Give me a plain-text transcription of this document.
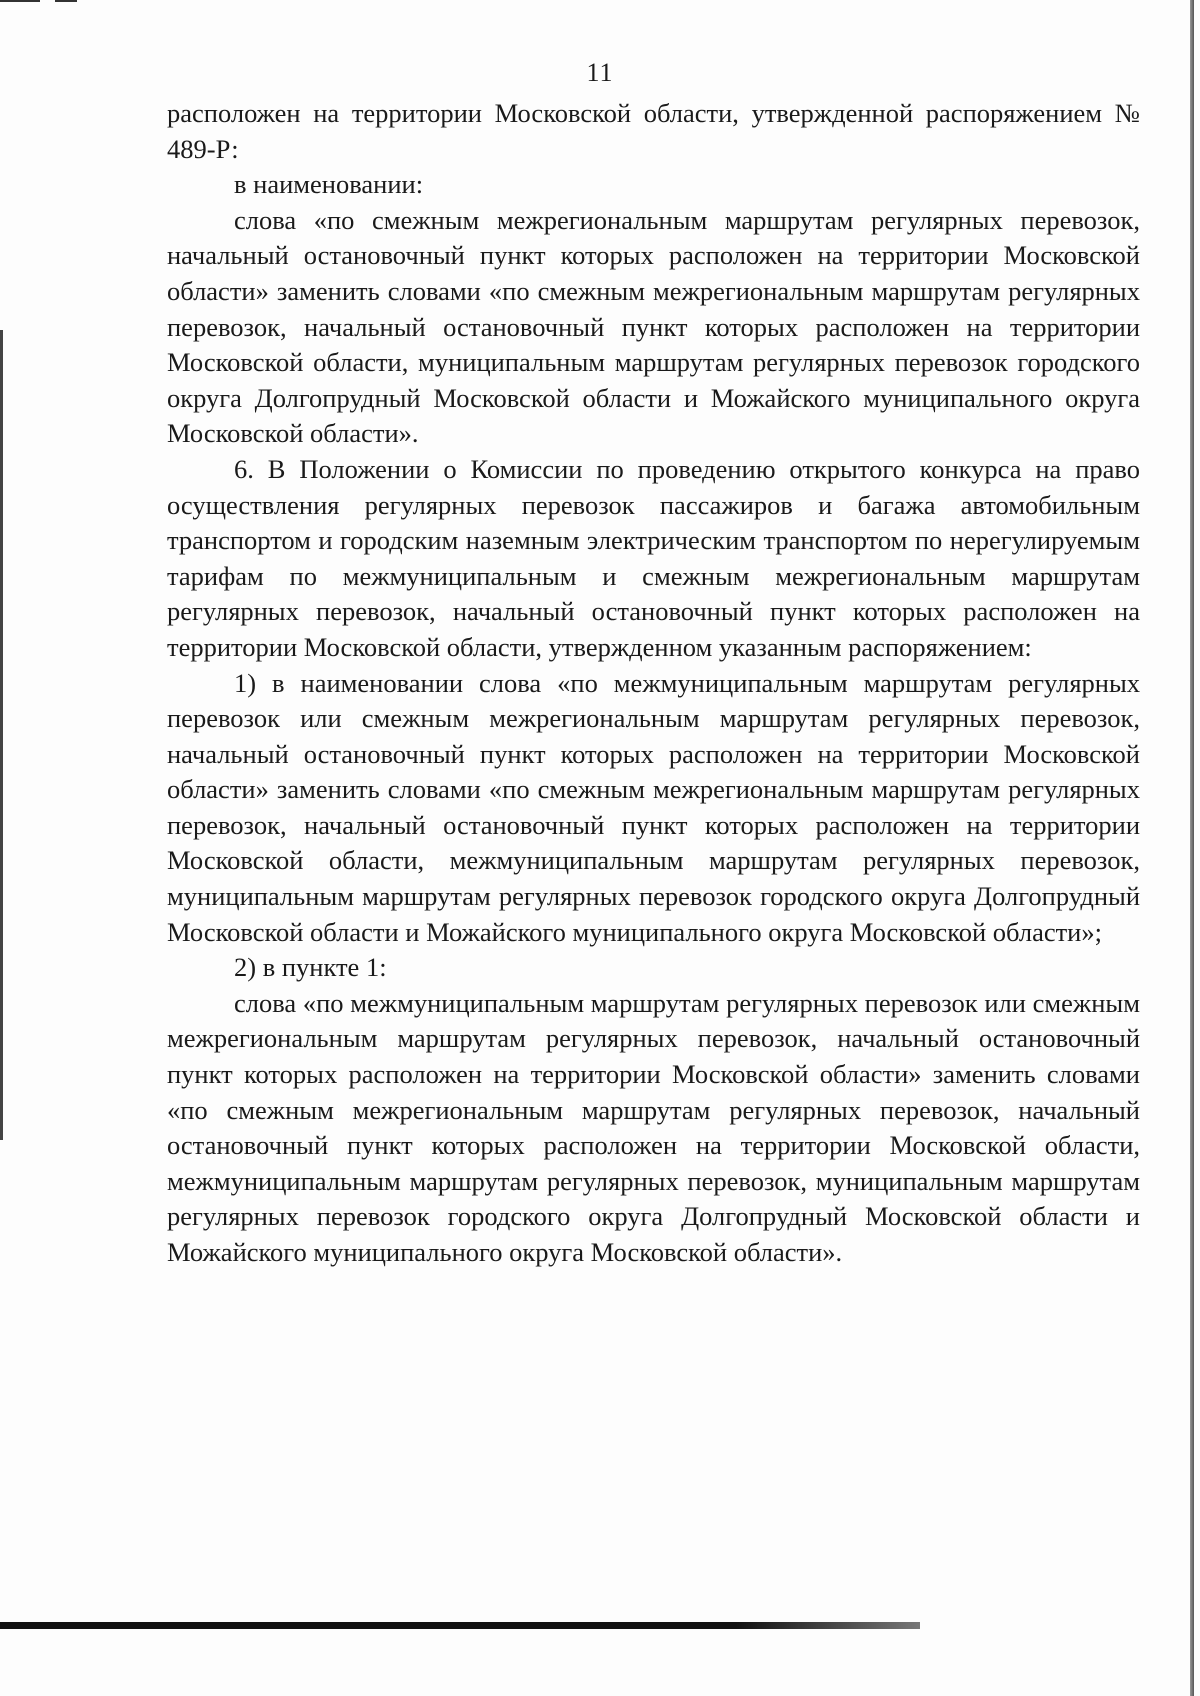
11

расположен на территории Московской области, утвержденной распоряжением № 489-Р:

в наименовании:

слова «по смежным межрегиональным маршрутам регулярных перевозок, начальный остановочный пункт которых расположен на территории Московской области» заменить словами «по смежным межрегиональным маршрутам регулярных перевозок, начальный остановочный пункт которых расположен на территории Московской области, муниципальным маршрутам регулярных перевозок городского округа Долгопрудный Московской области и Можайского муниципального округа Московской области».

6. В Положении о Комиссии по проведению открытого конкурса на право осуществления регулярных перевозок пассажиров и багажа автомобильным транспортом и городским наземным электрическим транспортом по нерегулируемым тарифам по межмуниципальным и смежным межрегиональным маршрутам регулярных перевозок, начальный остановочный пункт которых расположен на территории Московской области, утвержденном указанным распоряжением:

1) в наименовании слова «по межмуниципальным маршрутам регулярных перевозок или смежным межрегиональным маршрутам регулярных перевозок, начальный остановочный пункт которых расположен на территории Московской области» заменить словами «по смежным межрегиональным маршрутам регулярных перевозок, начальный остановочный пункт которых расположен на территории Московской области, межмуниципальным маршрутам регулярных перевозок, муниципальным маршрутам регулярных перевозок городского округа Долгопрудный Московской области и Можайского муниципального округа Московской области»;

2) в пункте 1:

слова «по межмуниципальным маршрутам регулярных перевозок или смежным межрегиональным маршрутам регулярных перевозок, начальный остановочный пункт которых расположен на территории Московской области» заменить словами «по смежным межрегиональным маршрутам регулярных перевозок, начальный остановочный пункт которых расположен на территории Московской области, межмуниципальным маршрутам регулярных перевозок, муниципальным маршрутам регулярных перевозок городского округа Долгопрудный Московской области и Можайского муниципального округа Московской области».
